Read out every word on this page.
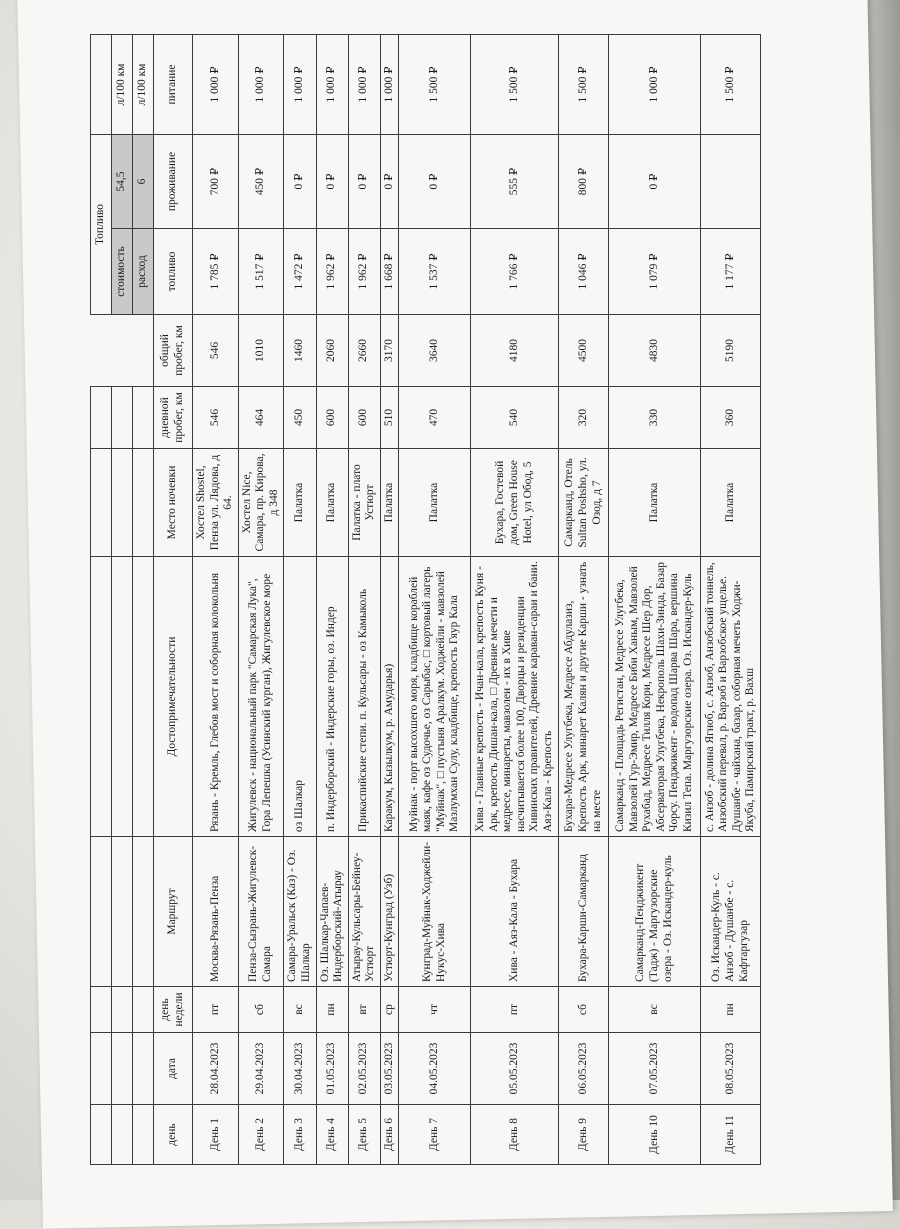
								Топливо		
								стоимость	54,5	л/100 км
								расход	6	л/100 км
день	дата	день недели	Маршрут	Достопримечательности	Место ночевки	дневной пробег, км	общий пробег, км	топливо	проживание	питание
День 1	28.04.2023	пт	Москва-Рязань-Пенза	Рязань - Кремль, Глебов мост и соборная колокольня	Хостел Shostel, Пенза ул. Лядова, д 64.	546	546	1 785 ₽	700 ₽	1 000 ₽
День 2	29.04.2023	сб	Пенза-Сызрань-Жигулевск-Самара	Жигулевск - национальный парк "Самарская Лука", Гора Лепешка (Усинский курган), Жигулевское море	Хостел Nice, Самара, пр. Кирова, д 348	464	1010	1 517 ₽	450 ₽	1 000 ₽
День 3	30.04.2023	вс	Самара-Уральск (Каз) - Оз. Шалкар	оз Шалкар	Палатка	450	1460	1 472 ₽	0 ₽	1 000 ₽
День 4	01.05.2023	пн	Оз. Шалкар-Чапаев-Индерборский-Атырау	п. Индерборский - Индерские горы, оз. Индер	Палатка	600	2060	1 962 ₽	0 ₽	1 000 ₽
День 5	02.05.2023	вт	Атырау-Кульсары-Бейнеу-Устюрт	Прикаспийские степи. п. Кульсары - оз Камыколь	Палатка - плато Устюрт	600	2660	1 962 ₽	0 ₽	1 000 ₽
День 6	03.05.2023	ср	Устюрт-Кунград (Узб)	Каракум, Кызылкум, р. Амударья)	Палатка	510	3170	1 668 ₽	0 ₽	1 000 ₽
День 7	04.05.2023	чт	Кунград-Муйнак-Ходжейли-Нукус-Хива	Муйнак - порт высохшего моря, кладбище кораблей маяк, кафе оз Судочье, оз Сарыбас, □ кортовый лагерь "Муйнак", □ пустыня Аралкум. Ходжейли - мавзолей Мазлумхан Сулу, кладбище, крепость Гяур Кала	Палатка	470	3640	1 537 ₽	0 ₽	1 500 ₽
День 8	05.05.2023	пт	Хива - Аяз-Кала - Бухара	Хива - Главные крепость - Ичан-кала, крепость Куня - Арк, крепость Дишан-кала, □ Древние мечети и медресе, минареты, мавзолеи - их в Хиве насчитывается более 100, Дворцы и резиденции Хивинских правителей, Древние караван-сараи и бани. Аяз-Кала - Крепость	Бухара, Гостевой дом, Green House Hotel, ул Обод, 5	540	4180	1 766 ₽	555 ₽	1 500 ₽
День 9	06.05.2023	сб	Бухара-Карши-Самарканд	Бухара-Медресе Улугбека, Медресе Абдулазиз, Крепость Арк, минарет Калян и другие Карши - узнать на месте	Самарканд, Отель Sultan Poshsho, ул. Озод, д 7	320	4500	1 046 ₽	800 ₽	1 500 ₽
День 10	07.05.2023	вс	Самарканд-Пенджикент (Тадж) - Маргузорские озера - Оз. Искандер-куль	Самарканд - Площадь Регистан, Медресе Улугбека, Мавзолей Гур-Эмир, Медресе Биби Ханым, Мавзолей Рухабад, Медресе Тилля Кори, Медресе Шер Дор, Абсерваторая Улугбека, Некрополь Шахи-Зинда, Базар Чорсу. Пенджикент - водопад Шарва Шара, вершина Кизил Тепа. Маргузорские озера. Оз. Искандер-Куль	Палатка	330	4830	1 079 ₽	0 ₽	1 000 ₽
День 11	08.05.2023	пн	Оз. Искандер-Куль - с. Анзоб - Душанбе - с. Кафтаргузар	с. Анзоб - долина Ягноб, с. Анзоб, Анзобский тоннель, Анзобский перевал, р. Варзоб и Варзобское ущелье. Душанбе - чайхана, базар, соборная мечеть Ходжи-Якуба, Памирский тракт, р. Вахш	Палатка	360	5190	1 177 ₽		1 500 ₽
